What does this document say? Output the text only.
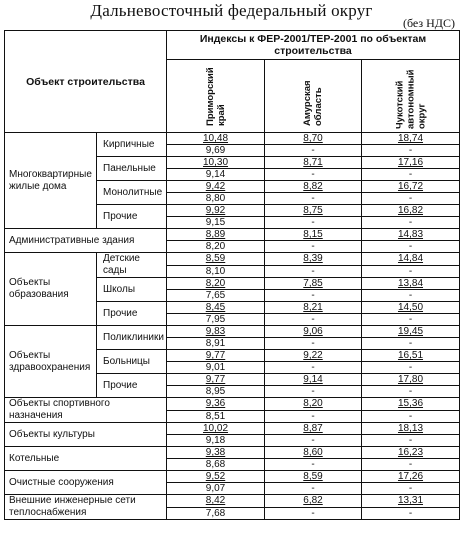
Дальневосточный федеральный округ
(без НДС)
Объект строительства		Индексы к ФЕР-2001/ТЕР-2001 по объектам строительства		

		Приморский край	Амурская область	Чукотский автономный округ

Многоквартирные жилые дома	Кирпичные	10,48	8,70	18,74
		9,69	-	-
	Панельные	10,30	8,71	17,16
		9,14	-	-
	Монолитные	9,42	8,82	16,72
		8,80	-	-
	Прочие	9,92	8,75	16,82
		9,15	-	-
Административные здания		8,89	8,15	14,83
		8,20	-	-
Объекты образования	Детские сады	8,59	8,39	14,84
		8,10	-	-
	Школы	8,20	7,85	13,84
		7,65	-	-
	Прочие	8,45	8,21	14,50
		7,95	-	-
Объекты здравоохранения	Поликлиники	9,83	9,06	19,45
		8,91	-	-
	Больницы	9,77	9,22	16,51
		9,01	-	-
	Прочие	9,77	9,14	17,80
		8,95	-	-
Объекты спортивного назначения		9,36	8,20	15,36
		8,51	-	-
Объекты культуры		10,02	8,87	18,13
		9,18	-	-
Котельные		9,38	8,60	16,23
		8,68	-	-
Очистные сооружения		9,52	8,59	17,26
		9,07	-	-
Внешние инженерные сети теплоснабжения		8,42	6,82	13,31
		7,68	-	-
